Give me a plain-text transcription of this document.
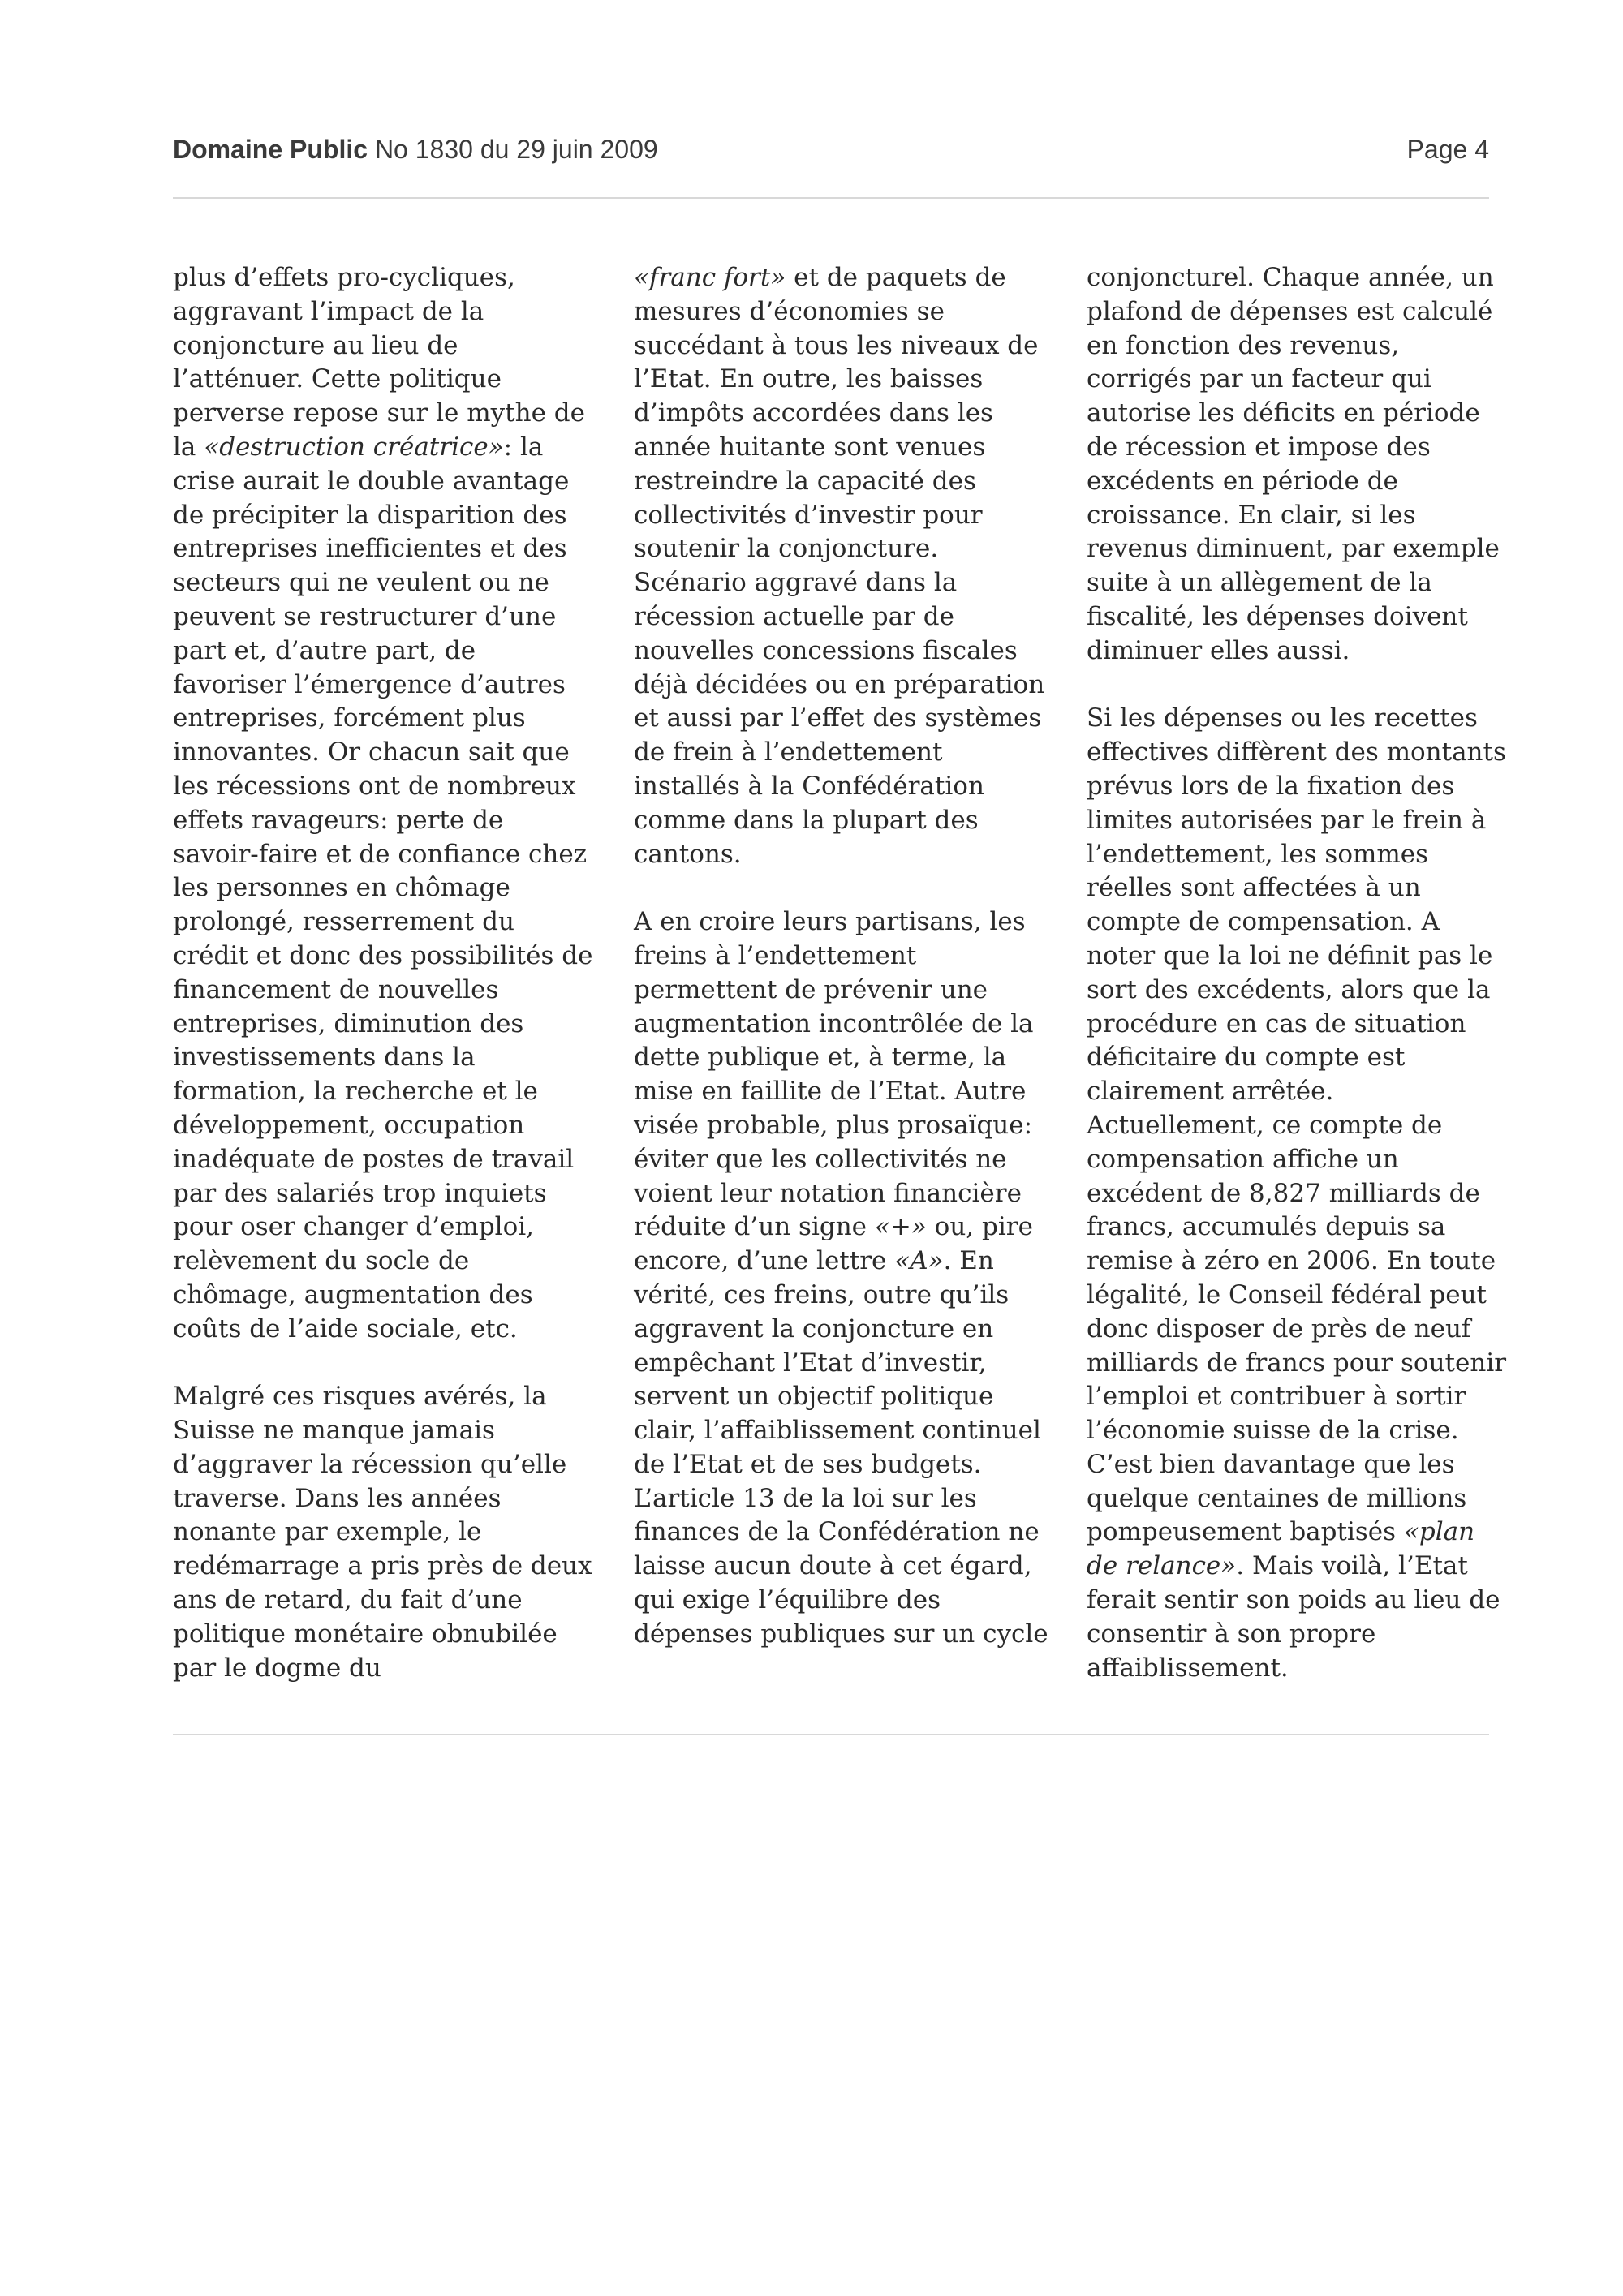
Domaine Public No 1830 du 29 juin 2009	Page 4

plus d’effets pro-cycliques, aggravant l’impact de la conjoncture au lieu de l’atténuer. Cette politique perverse repose sur le mythe de la «destruction créatrice»: la crise aurait le double avantage de précipiter la disparition des entreprises inefficientes et des secteurs qui ne veulent ou ne peuvent se restructurer d’une part et, d’autre part, de favoriser l’émergence d’autres entreprises, forcément plus innovantes. Or chacun sait que les récessions ont de nombreux effets ravageurs: perte de savoir-faire et de confiance chez les personnes en chômage prolongé, resserrement du crédit et donc des possibilités de financement de nouvelles entreprises, diminution des investissements dans la formation, la recherche et le développement, occupation inadéquate de postes de travail par des salariés trop inquiets pour oser changer d’emploi, relèvement du socle de chômage, augmentation des coûts de l’aide sociale, etc.

Malgré ces risques avérés, la Suisse ne manque jamais d’aggraver la récession qu’elle traverse. Dans les années nonante par exemple, le redémarrage a pris près de deux ans de retard, du fait d’une politique monétaire obnubilée par le dogme du

«franc fort» et de paquets de mesures d’économies se succédant à tous les niveaux de l’Etat. En outre, les baisses d’impôts accordées dans les année huitante sont venues restreindre la capacité des collectivités d’investir pour soutenir la conjoncture. Scénario aggravé dans la récession actuelle par de nouvelles concessions fiscales déjà décidées ou en préparation et aussi par l’effet des systèmes de frein à l’endettement installés à la Confédération comme dans la plupart des cantons.

A en croire leurs partisans, les freins à l’endettement permettent de prévenir une augmentation incontrôlée de la dette publique et, à terme, la mise en faillite de l’Etat. Autre visée probable, plus prosaïque: éviter que les collectivités ne voient leur notation financière réduite d’un signe «+» ou, pire encore, d’une lettre «A». En vérité, ces freins, outre qu’ils aggravent la conjoncture en empêchant l’Etat d’investir, servent un objectif politique clair, l’affaiblissement continuel de l’Etat et de ses budgets. L’article 13 de la loi sur les finances de la Confédération ne laisse aucun doute à cet égard, qui exige l’équilibre des dépenses publiques sur un cycle

conjoncturel. Chaque année, un plafond de dépenses est calculé en fonction des revenus, corrigés par un facteur qui autorise les déficits en période de récession et impose des excédents en période de croissance. En clair, si les revenus diminuent, par exemple suite à un allègement de la fiscalité, les dépenses doivent diminuer elles aussi.

Si les dépenses ou les recettes effectives diffèrent des montants prévus lors de la fixation des limites autorisées par le frein à l’endettement, les sommes réelles sont affectées à un compte de compensation. A noter que la loi ne définit pas le sort des excédents, alors que la procédure en cas de situation déficitaire du compte est clairement arrêtée. Actuellement, ce compte de compensation affiche un excédent de 8,827 milliards de francs, accumulés depuis sa remise à zéro en 2006. En toute légalité, le Conseil fédéral peut donc disposer de près de neuf milliards de francs pour soutenir l’emploi et contribuer à sortir l’économie suisse de la crise. C’est bien davantage que les quelque centaines de millions pompeusement baptisés «plan de relance». Mais voilà, l’Etat ferait sentir son poids au lieu de consentir à son propre affaiblissement.
